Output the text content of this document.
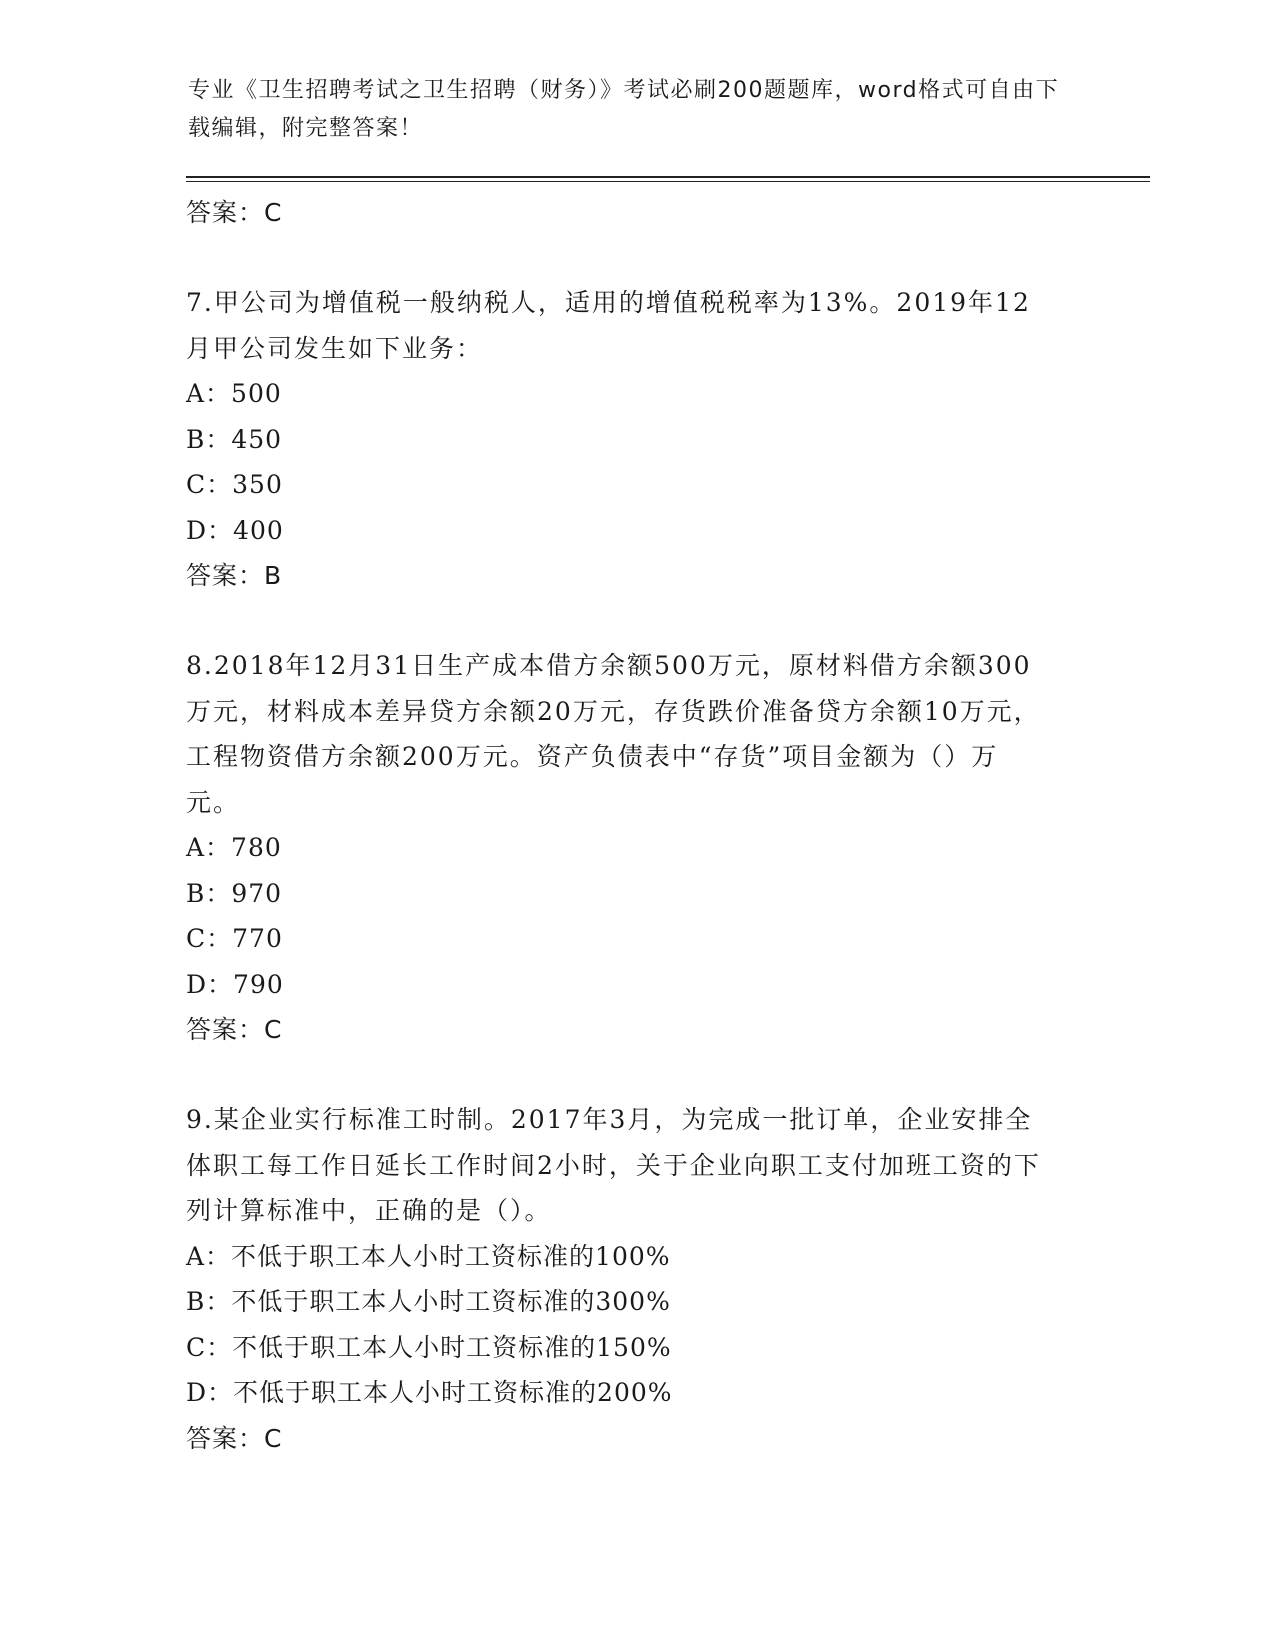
专业《卫生招聘考试之卫生招聘（财务）》考试必刷200题题库，word格式可自由下载编辑，附完整答案！
答案：C
7.甲公司为增值税一般纳税人，适用的增值税税率为13%。2019年12月甲公司发生如下业务：
A：500
B：450
C：350
D：400
答案：B
8.2018年12月31日生产成本借方余额500万元，原材料借方余额300万元，材料成本差异贷方余额20万元，存货跌价准备贷方余额10万元，工程物资借方余额200万元。资产负债表中“存货”项目金额为（）万元。
A：780
B：970
C：770
D：790
答案：C
9.某企业实行标准工时制。2017年3月，为完成一批订单，企业安排全体职工每工作日延长工作时间2小时，关于企业向职工支付加班工资的下列计算标准中，正确的是（）。
A：不低于职工本人小时工资标准的100%
B：不低于职工本人小时工资标准的300%
C：不低于职工本人小时工资标准的150%
D：不低于职工本人小时工资标准的200%
答案：C
